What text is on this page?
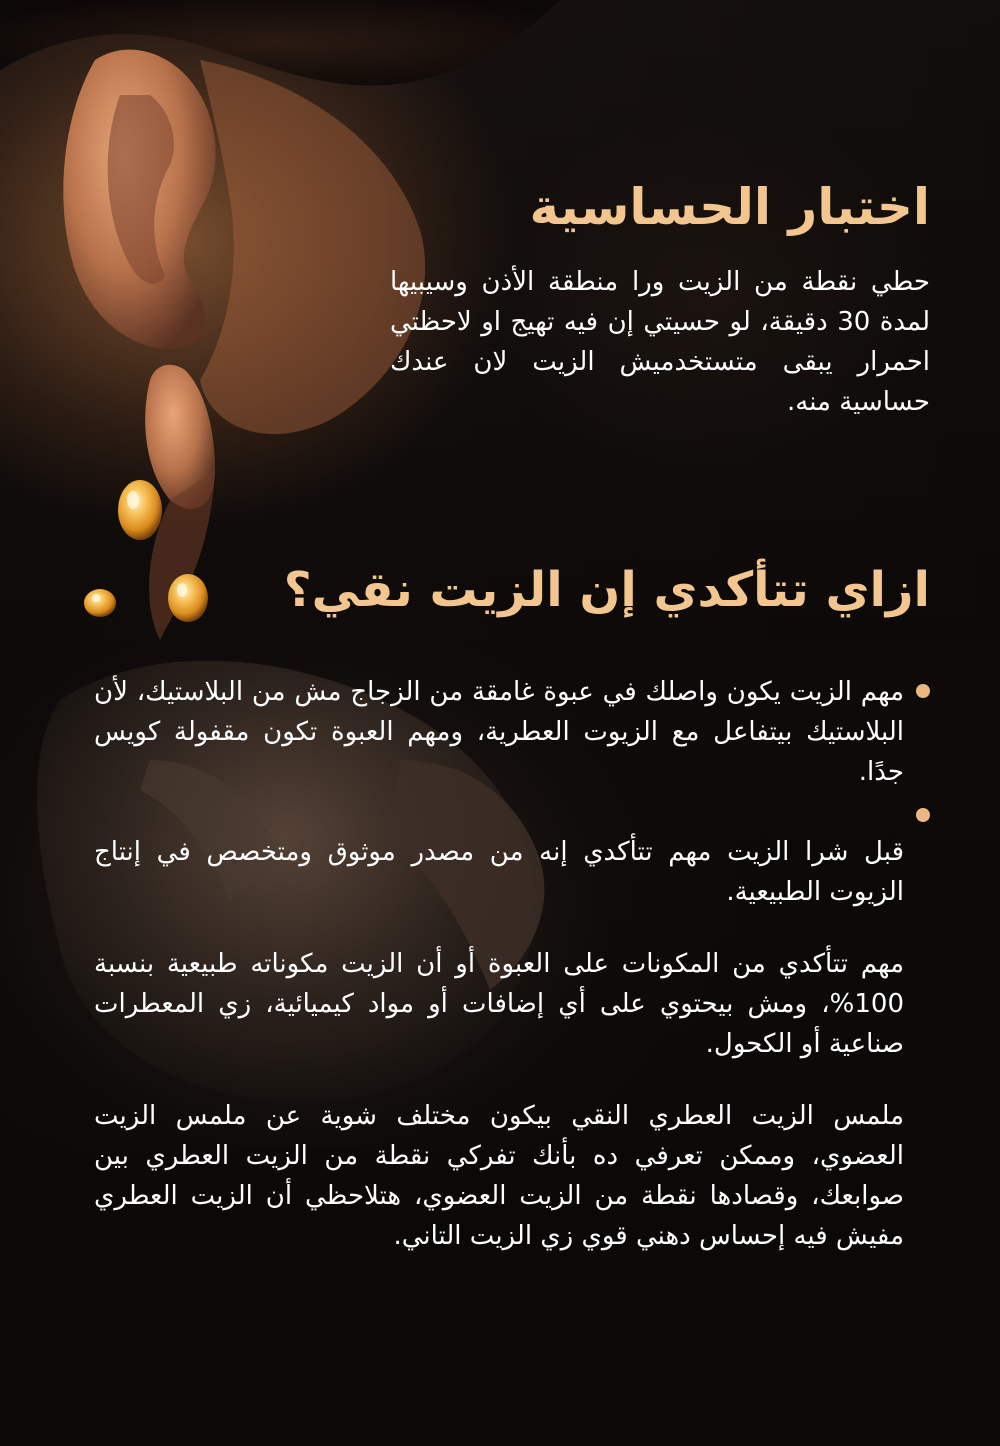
اختبار الحساسية

حطي نقطة من الزيت ورا منطقة الأذن وسيبيها لمدة 30 دقيقة، لو حسيتي إن فيه تهيج او لاحظتي احمرار يبقى متستخدميش الزيت لان عندك حساسية منه.

ازاي تتأكدي إن الزيت نقي؟
مهم الزيت يكون واصلك في عبوة غامقة من الزجاج مش من البلاستيك، لأن البلاستيك بيتفاعل مع الزيوت العطرية، ومهم العبوة تكون مقفولة كويس جدًا.
قبل شرا الزيت مهم تتأكدي إنه من مصدر موثوق ومتخصص في إنتاج الزيوت الطبيعية.
مهم تتأكدي من المكونات على العبوة أو أن الزيت مكوناته طبيعية بنسبة 100%، ومش بيحتوي على أي إضافات أو مواد كيميائية، زي المعطرات صناعية أو الكحول.
ملمس الزيت العطري النقي بيكون مختلف شوية عن ملمس الزيت العضوي، وممكن تعرفي ده بأنك تفركي نقطة من الزيت العطري بين صوابعك، وقصادها نقطة من الزيت العضوي، هتلاحظي أن الزيت العطري مفيش فيه إحساس دهني قوي زي الزيت التاني.
